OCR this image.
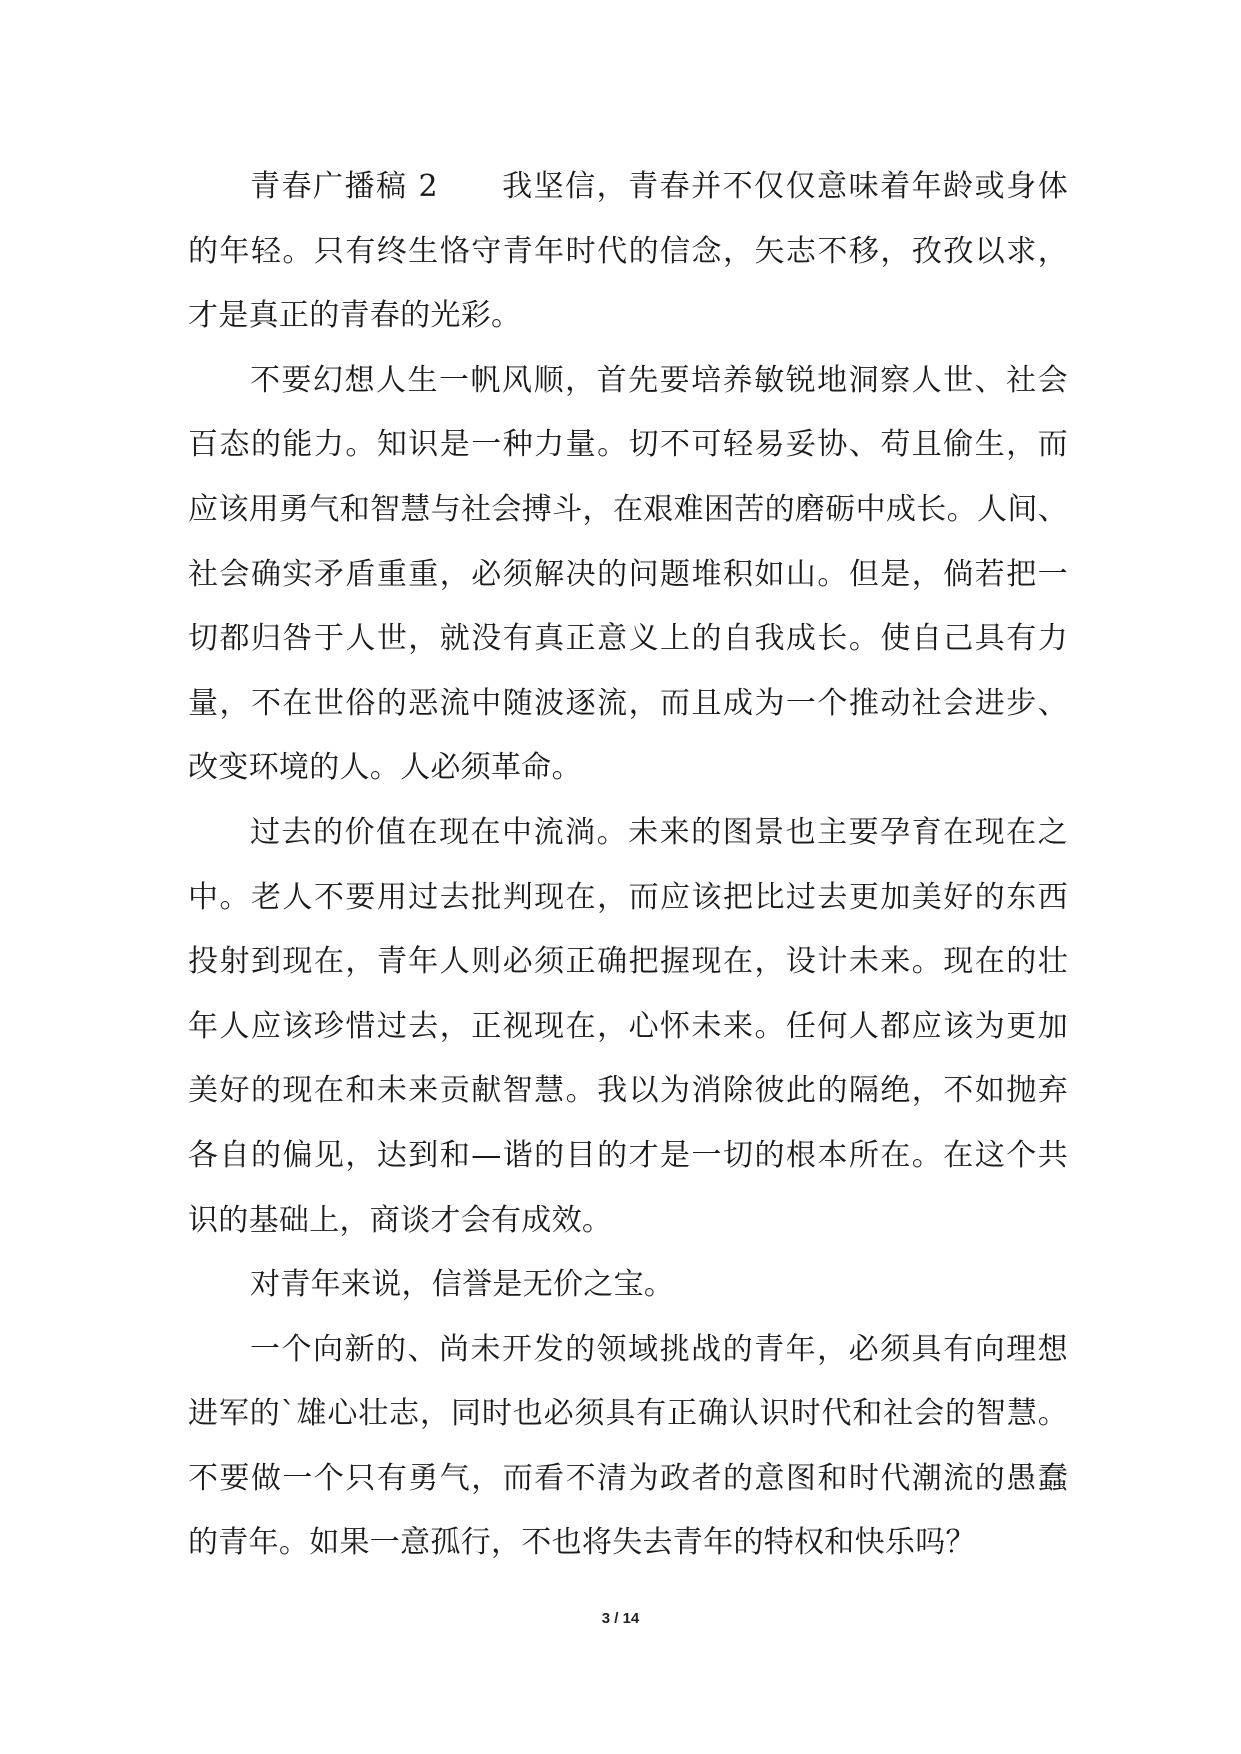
青春广播稿 2　　我坚信，青春并不仅仅意味着年龄或身体
的年轻。只有终生恪守青年时代的信念，矢志不移，孜孜以求，
才是真正的青春的光彩。
不要幻想人生一帆风顺，首先要培养敏锐地洞察人世、社会
百态的能力。知识是一种力量。切不可轻易妥协、苟且偷生，而
应该用勇气和智慧与社会搏斗，在艰难困苦的磨砺中成长。人间、
社会确实矛盾重重，必须解决的问题堆积如山。但是，倘若把一
切都归咎于人世，就没有真正意义上的自我成长。使自己具有力
量，不在世俗的恶流中随波逐流，而且成为一个推动社会进步、
改变环境的人。人必须革命。
过去的价值在现在中流淌。未来的图景也主要孕育在现在之
中。老人不要用过去批判现在，而应该把比过去更加美好的东西
投射到现在，青年人则必须正确把握现在，设计未来。现在的壮
年人应该珍惜过去，正视现在，心怀未来。任何人都应该为更加
美好的现在和未来贡献智慧。我以为消除彼此的隔绝，不如抛弃
各自的偏见，达到和—谐的目的才是一切的根本所在。在这个共
识的基础上，商谈才会有成效。
对青年来说，信誉是无价之宝。
一个向新的、尚未开发的领域挑战的青年，必须具有向理想
进军的`雄心壮志，同时也必须具有正确认识时代和社会的智慧。
不要做一个只有勇气，而看不清为政者的意图和时代潮流的愚蠢
的青年。如果一意孤行，不也将失去青年的特权和快乐吗？
3 / 14
